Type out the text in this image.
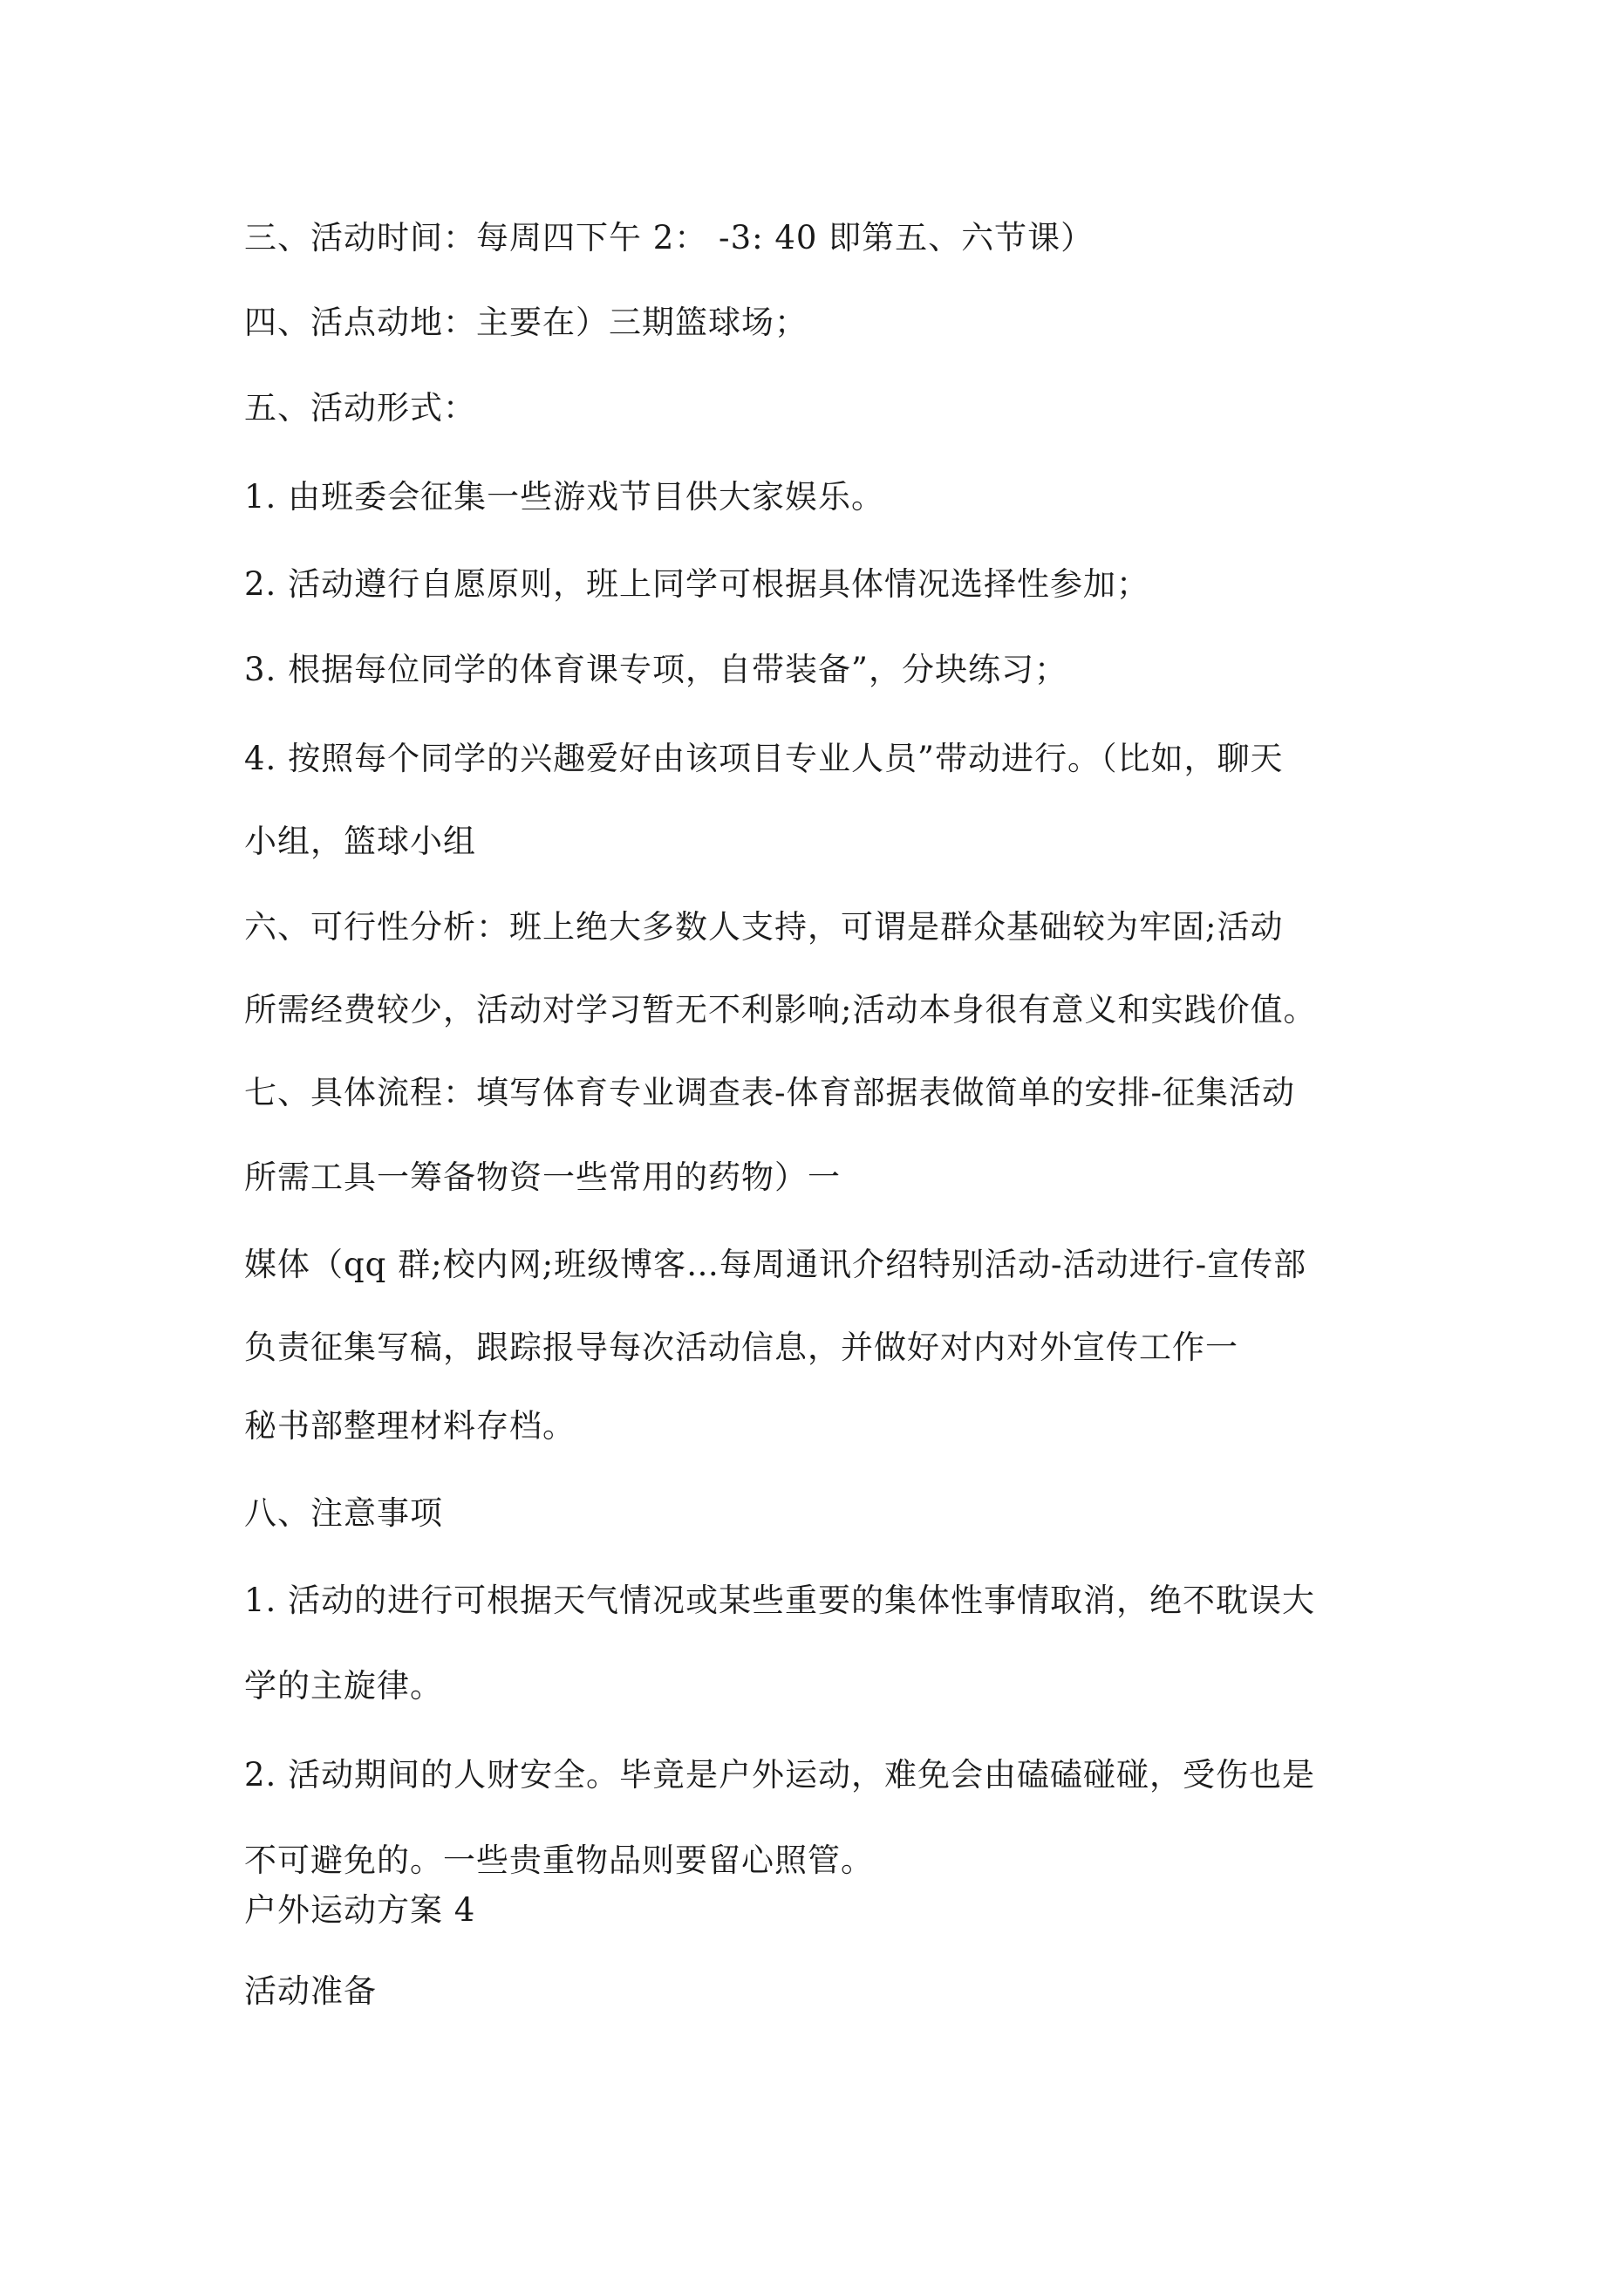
三、活动时间：每周四下午 2： -3: 40 即第五、六节课）

四、活点动地：主要在）三期篮球场；

五、活动形式：

1. 由班委会征集一些游戏节目供大家娱乐。

2. 活动遵行自愿原则，班上同学可根据具体情况选择性参加；

3. 根据每位同学的体育课专项，自带装备”，分块练习；

4. 按照每个同学的兴趣爱好由该项目专业人员”带动进行。（比如，聊天

小组，篮球小组

六、可行性分析：班上绝大多数人支持，可谓是群众基础较为牢固;活动

所需经费较少，活动对学习暂无不利影响;活动本身很有意义和实践价值。

七、具体流程：填写体育专业调查表-体育部据表做简单的安排-征集活动

所需工具一筹备物资一些常用的药物）一

媒体（qq 群;校内网;班级博客…每周通讯介绍特别活动-活动进行-宣传部

负责征集写稿，跟踪报导每次活动信息，并做好对内对外宣传工作一

秘书部整理材料存档。

八、注意事项

1. 活动的进行可根据天气情况或某些重要的集体性事情取消，绝不耽误大

学的主旋律。

2. 活动期间的人财安全。毕竟是户外运动，难免会由磕磕碰碰，受伤也是

不可避免的。一些贵重物品则要留心照管。

户外运动方案 4

活动准备
